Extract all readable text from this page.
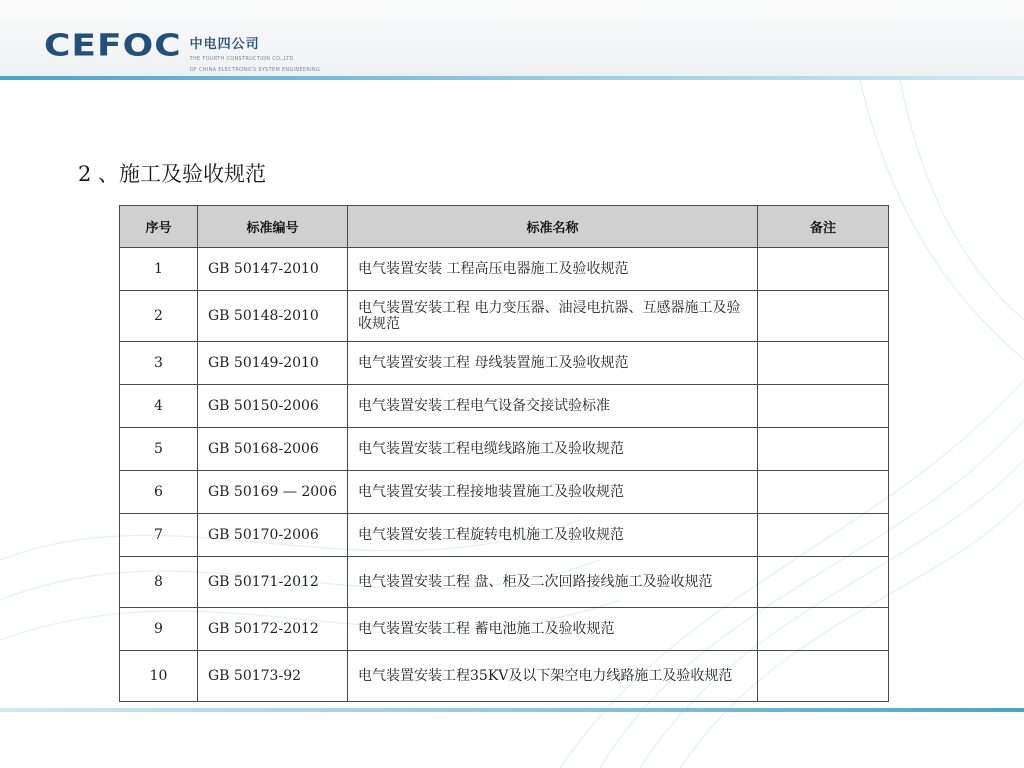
CEFOC 中电四公司
THE FOURTH CONSTRUCTION CO.,LTD
OF CHINA ELECTRONICS SYSTEM ENGINEERING
2 、施工及验收规范
序号	标准编号	标准名称	备注
1	GB 50147-2010	电气装置安装 工程高压电器施工及验收规范	
2	GB 50148-2010	电气装置安装工程 电力变压器、油浸电抗器、互感器施工及验收规范	
3	GB 50149-2010	电气装置安装工程 母线装置施工及验收规范	
4	GB 50150-2006	电气装置安装工程电气设备交接试验标准	
5	GB 50168-2006	电气装置安装工程电缆线路施工及验收规范	
6	GB 50169 — 2006	电气装置安装工程接地装置施工及验收规范	
7	GB 50170-2006	电气装置安装工程旋转电机施工及验收规范	
8	GB 50171-2012	电气装置安装工程 盘、柜及二次回路接线施工及验收规范	
9	GB 50172-2012	电气装置安装工程 蓄电池施工及验收规范	
10	GB 50173-92	电气装置安装工程35KV及以下架空电力线路施工及验收规范	
